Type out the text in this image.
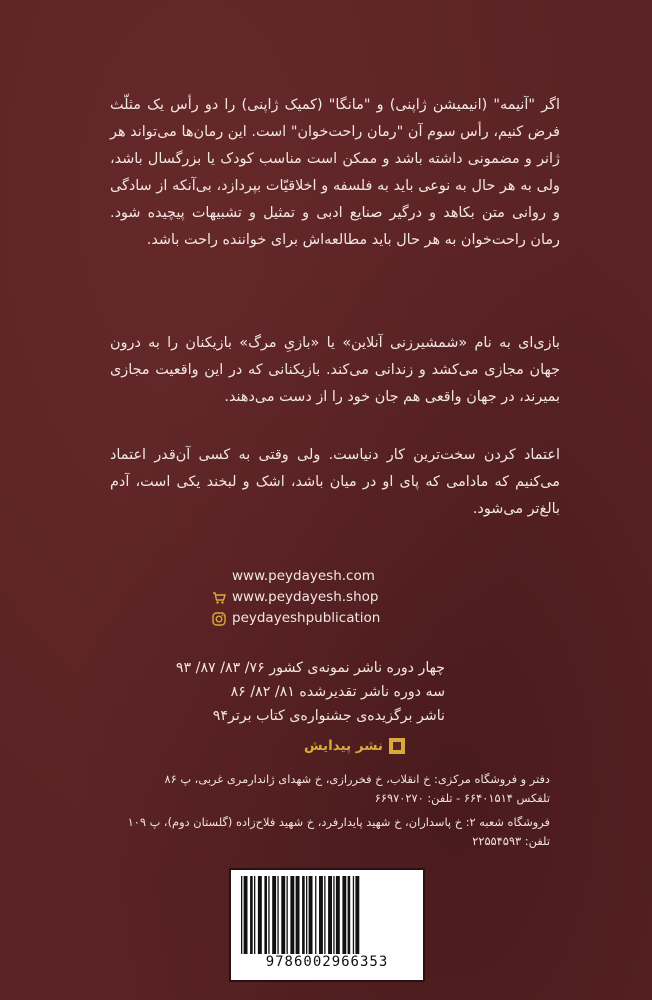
اگر "آنیمه" (انیمیشن ژاپنی) و "مانگا" (کمیک ژاپنی) را دو رأس یک مثلّث فرض کنیم، رأس سوم آن "رمان راحت‌خوان" است. این رمان‌ها می‌تواند هر ژانر و مضمونی داشته باشد و ممکن است مناسب کودک یا بزرگسال باشد، ولی به هر حال به نوعی باید به فلسفه و اخلاقیّات بپردازد، بی‌آنکه از سادگی و روانی متن بکاهد و درگیر صنایع ادبی و تمثیل و تشبیهات پیچیده شود. رمان راحت‌خوان به هر حال باید مطالعه‌اش برای خواننده راحت باشد.

بازی‌ای به نام «شمشیرزنی آنلاین» یا «بازیِ مرگ» بازیکنان را به درون جهان مجازی می‌کشد و زندانی می‌کند. بازیکنانی که در این واقعیت مجازی بمیرند، در جهان واقعی هم جان خود را از دست می‌دهند.

اعتماد کردن سخت‌ترین کار دنیاست. ولی وقتی به کسی آن‌قدر اعتماد می‌کنیم که مادامی که پای او در میان باشد، اشک و لبخند یکی است، آدم بالغ‌تر می‌شود.

www.peydayesh.com
www.peydayesh.shop
peydayeshpublication
چهار دوره ناشر نمونه‌ی کشور ۷۶/ ۸۳/ ۸۷/ ۹۳
سه دوره ناشر تقدیرشده ۸۱/ ۸۲/ ۸۶
ناشر برگزیده‌ی جشنواره‌ی کتاب برتر۹۴
نشر پیدایش
دفتر و فروشگاه مرکزی: خ انقلاب، خ فخررازی، خ شهدای ژاندارمری غربی، پ ۸۶
تلفکس ۶۶۴۰۱۵۱۴ - تلفن: ۶۶۹۷۰۲۷۰
فروشگاه شعبه ۲: خ پاسداران، خ شهید پایدارفرد، خ شهید فلاح‌زاده (گلستان دوم)، پ ۱۰۹
تلفن: ۲۲۵۵۴۵۹۳
9786002966353
